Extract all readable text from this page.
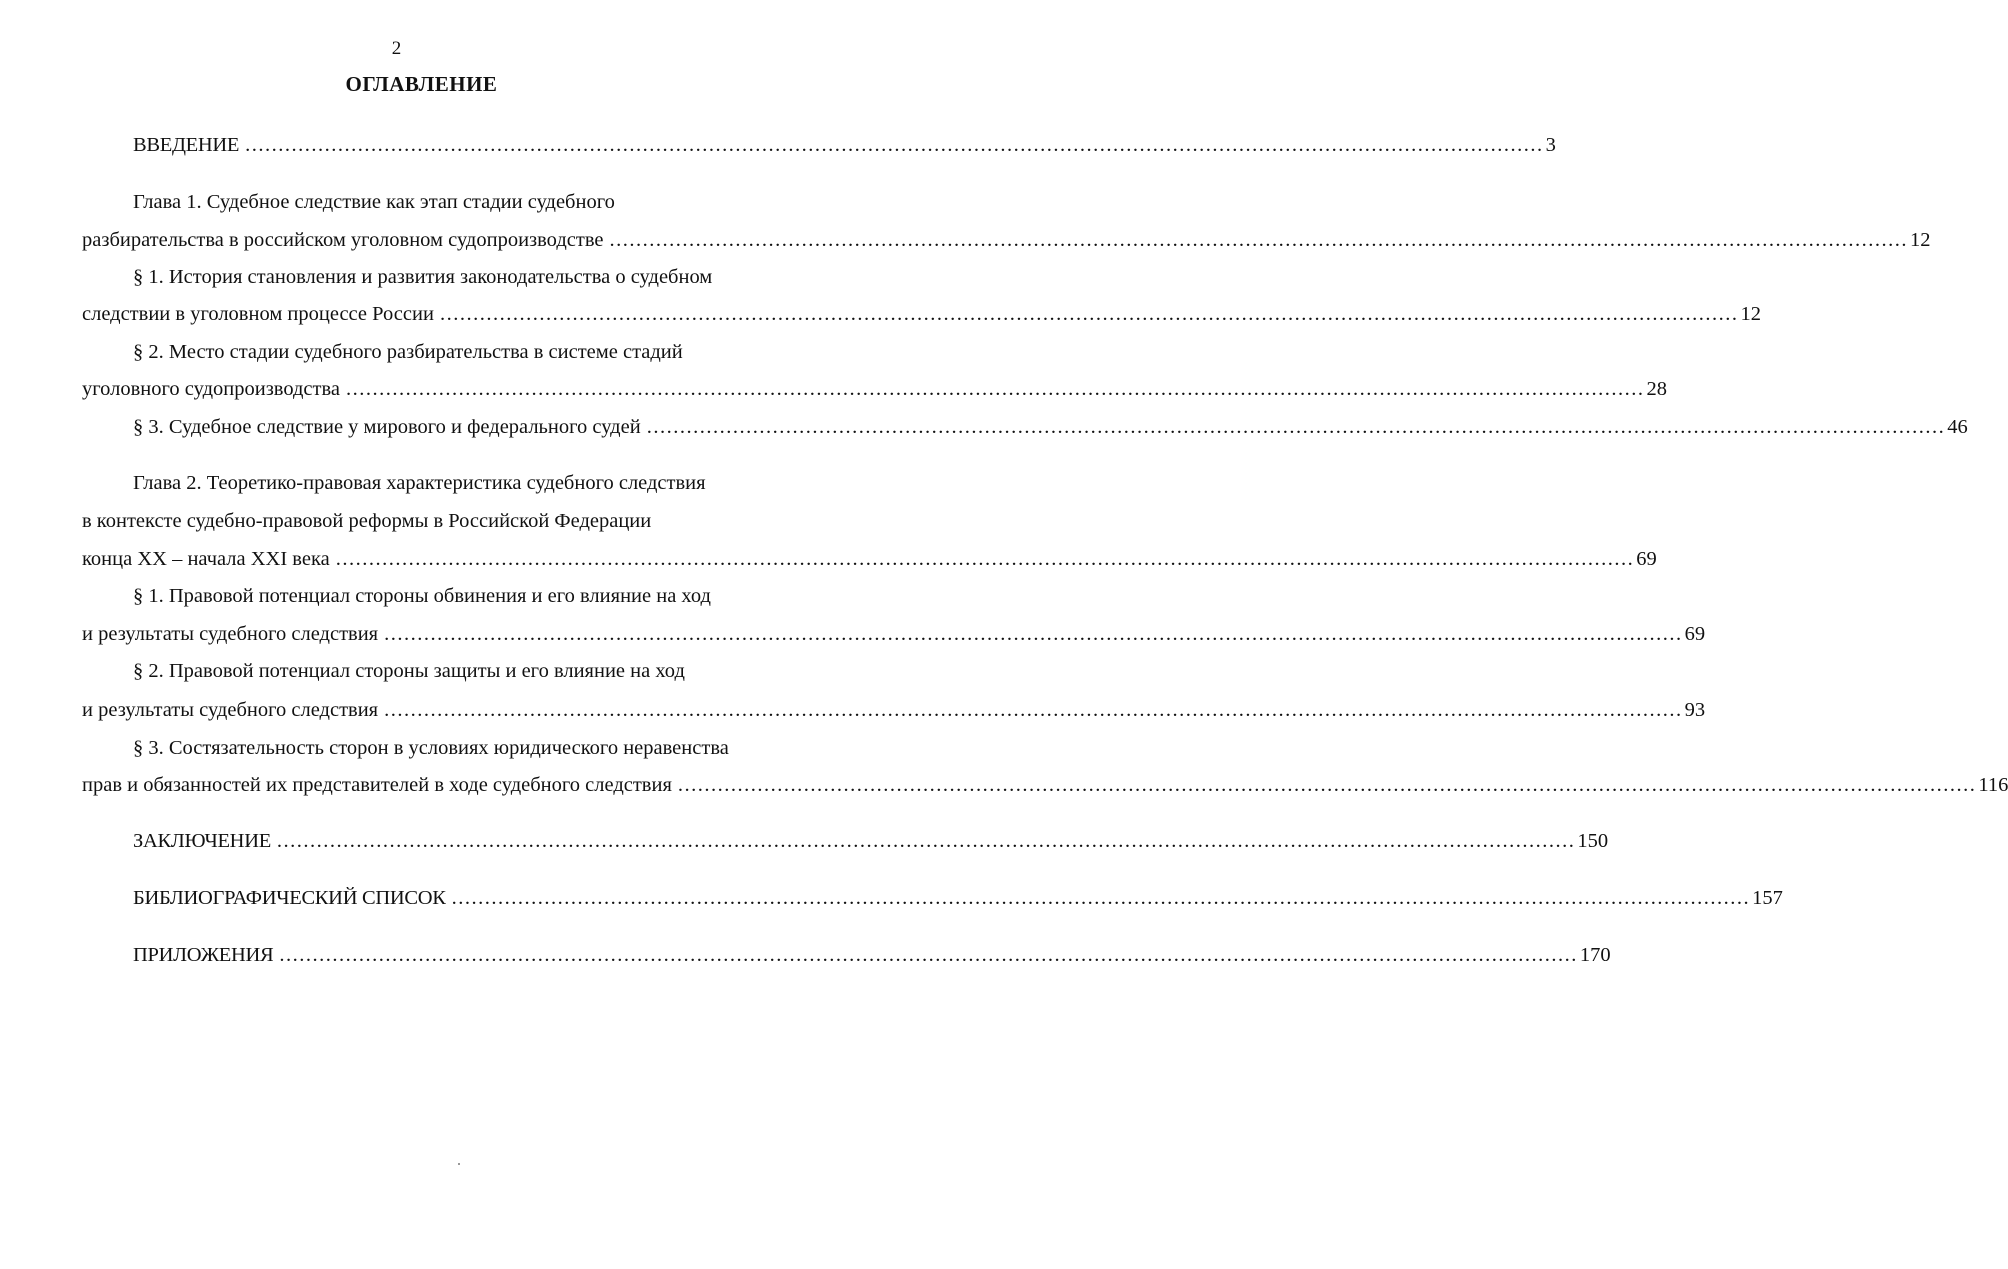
2
ОГЛАВЛЕНИЕ
ВВЕДЕНИЕ .................................................................................................................................................................................................... 3
Глава 1. Судебное следствие как этап стадии судебного
разбирательства в российском уголовном судопроизводстве .................................................................................................................................................................................................... 12
§ 1. История становления и развития законодательства о судебном
следствии в уголовном процессе России .................................................................................................................................................................................................... 12
§ 2. Место стадии судебного разбирательства в системе стадий
уголовного судопроизводства .................................................................................................................................................................................................... 28
§ 3. Судебное следствие у мирового и федерального судей .................................................................................................................................................................................................... 46
Глава 2. Теоретико-правовая характеристика судебного следствия
в контексте судебно-правовой реформы в Российской Федерации
конца XX – начала XXI века .................................................................................................................................................................................................... 69
§ 1. Правовой потенциал стороны обвинения и его влияние на ход
и результаты судебного следствия .................................................................................................................................................................................................... 69
§ 2. Правовой потенциал стороны защиты и его влияние на ход
и результаты судебного следствия .................................................................................................................................................................................................... 93
§ 3. Состязательность сторон в условиях юридического неравенства
прав и обязанностей их представителей в ходе судебного следствия .................................................................................................................................................................................................... 116
ЗАКЛЮЧЕНИЕ .................................................................................................................................................................................................... 150
БИБЛИОГРАФИЧЕСКИЙ СПИСОК .................................................................................................................................................................................................... 157
ПРИЛОЖЕНИЯ .................................................................................................................................................................................................... 170
